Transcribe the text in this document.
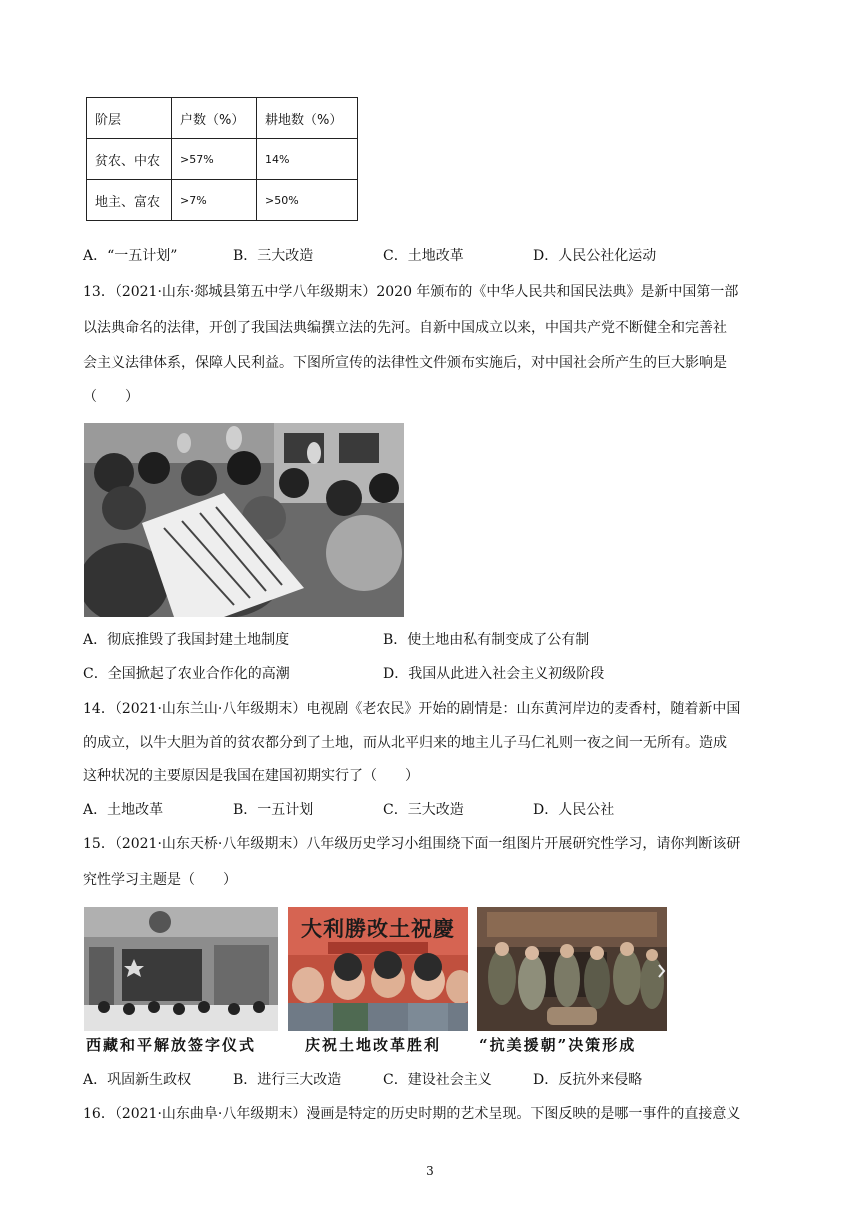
阶层	户数（%）	耕地数（%）
贫农、中农	>57%	14%
地主、富农	>7%	>50%
A．“一五计划”	B．三大改造	C．土地改革	D．人民公社化运动
13．（2021·山东·郯城县第五中学八年级期末）2020 年颁布的《中华人民共和国民法典》是新中国第一部
以法典命名的法律，开创了我国法典编撰立法的先河。自新中国成立以来，中国共产党不断健全和完善社
会主义法律体系，保障人民利益。下图所宣传的法律性文件颁布实施后，对中国社会所产生的巨大影响是
（　　）
A．彻底推毁了我国封建土地制度	B．使土地由私有制变成了公有制
C．全国掀起了农业合作化的高潮	D．我国从此进入社会主义初级阶段
14．（2021·山东兰山·八年级期末）电视剧《老农民》开始的剧情是：山东黄河岸边的麦香村，随着新中国
的成立，以牛大胆为首的贫农都分到了土地，而从北平归来的地主儿子马仁礼则一夜之间一无所有。造成
这种状况的主要原因是我国在建国初期实行了（　　）
A．土地改革	B．一五计划	C．三大改造	D．人民公社
15．（2021·山东天桥·八年级期末）八年级历史学习小组围绕下面一组图片开展研究性学习，请你判断该研
究性学习主题是（　　）
大利勝改土祝慶
西藏和平解放签字仪式	庆祝土地改革胜利	“抗美援朝”决策形成
A．巩固新生政权	B．进行三大改造	C．建设社会主义	D．反抗外来侵略
16．（2021·山东曲阜·八年级期末）漫画是特定的历史时期的艺术呈现。下图反映的是哪一事件的直接意义
3
